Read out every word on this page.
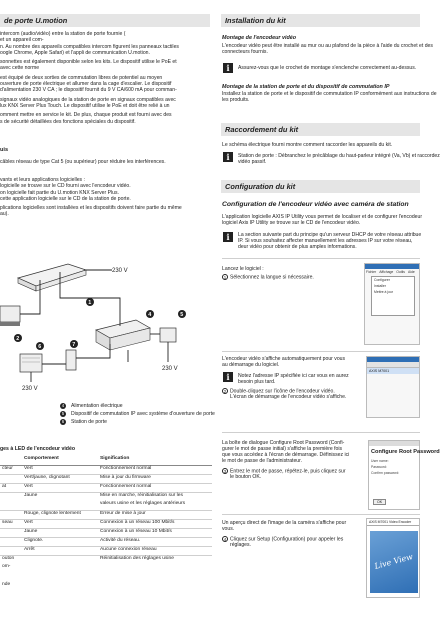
de porte U.motion
intercom (audio/vidéo) entre la station de porte fournie (
et un appareil com-
n. Au nombre des appareils compatibles intercom figurent les panneaux tactiles
oogle Chrome, Apple Safari) et l'appli de communication U.motion.
sonnettes est également disponible selon les kits. Le dispositif utilise le PoE et
avec cette norme
est équipé de deux sorties de commutation libres de potentiel au moyen
ouverture de porte électrique et allumer dans la cage d'escalier. Le dispositif
d'alimentation 230 V CA ; le dispositif fournit du 9 V CA/600 mA pour comman-
signaux vidéo analogiques de la station de porte en signaux compatibles avec
lux KNX Server Plus Touch. Le dispositif utilise le PoE et doit être relié à un
omment mettre en service le kit. De plus, chaque produit est fourni avec des
s de sécurité détaillées des fonctions spéciales du dispositif.
uis
câbles réseau de type Cat 5 (ou supérieur) pour réduire les interférences.
vants et leurs applications logicielles :
logicielle se trouve sur le CD fourni avec l'encodeur vidéo.
on logicielle fait partie du U.motion KNX Server Plus.
cette application logicielle sur le CD de la station de porte.
plications logicielles sont installées et les dispositifs doivent faire partie du même
au).
230 V
230 V
230 V
1
2
4	5
6	7
4 Alimentation électrique
5 Dispositif de commutation IP avec système d'ouverture de porte
6 Station de porte
ges à LED de l'encodeur vidéo
	Comportement	Signification
cteur	Vert	Fonctionnement normal
	Vert/jaune, clignotant	Mise à jour du firmware
at	Vert	Fonctionnement normal
	Jaune	Mise en marche, réinitialisation sur les
		valeurs usine et les réglages antérieurs
	Rouge, clignote lentement	Erreur de mise à jour
seau	Vert	Connexion à un réseau 100 Mbit/s
	Jaune	Connexion à un réseau 10 Mbit/s
	Clignote.	Activité du réseau.
	Arrêt	Aucune connexion réseau
outon		Réinitialisation des réglages usine
om-		

nde		
Installation du kit
Montage de l'encodeur vidéo
L'encodeur vidéo peut être installé au mur ou au plafond de la pièce à l'aide du crochet et des
connecteurs fournis.
i	Assurez-vous que le crochet de montage s'enclenche correctement au-dessus.
Montage de la station de porte et du dispositif de commutation IP
Installez la station de porte et le dispositif de commutation IP conformément aux instructions de
les produits.
Raccordement du kit
Le schéma électrique fourni montre comment raccorder les appareils du kit.
i	Station de porte : Débranchez le précâblage du haut-parleur intégré (Va, Vb) et raccordez
vidéo passif.
Configuration du kit
Configuration de l'encodeur vidéo avec caméra de station
L'application logicielle AXIS IP Utility vous permet de localiser et de configurer l'encodeur
logiciel Axis IP Utility se trouve sur le CD de l'encodeur vidéo.
i	La section suivante part du principe qu'un serveur DHCP de votre réseau attribue
IP. Si vous souhaitez affecter manuellement les adresses IP sur votre réseau,
deur vidéo pour obtenir de plus amples informations.
Lancez le logiciel :
1 Sélectionnez la langue si nécessaire.
Fichier Affichage Outils Aide
Configurer
Installer
Mettre à jour
L'encodeur vidéo s'affiche automatiquement pour vous
au démarrage du logiciel.
i	Notez l'adresse IP spécifiée ici car vous en aurez
besoin plus tard.
2 Double-cliquez sur l'icône de l'encodeur vidéo.
L'écran de démarrage de l'encodeur vidéo s'affiche.
AXIS M7001
La boîte de dialogue Configure Root Password (Confi-
gurer le mot de passe initial) s'affiche la première fois
que vous accédez à l'écran de démarrage. Définissez ici
le mot de passe de l'administrateur.
3 Entrez le mot de passe, répétez-le, puis cliquez sur
le bouton OK.
Configure Root Password
User name:
Password:
Confirm password:
OK
Un aperçu direct de l'image de la caméra s'affiche pour
vous.
4 Cliquez sur Setup (Configuration) pour appeler les
réglages.
AXIS M7001 Video Encoder
Live View
